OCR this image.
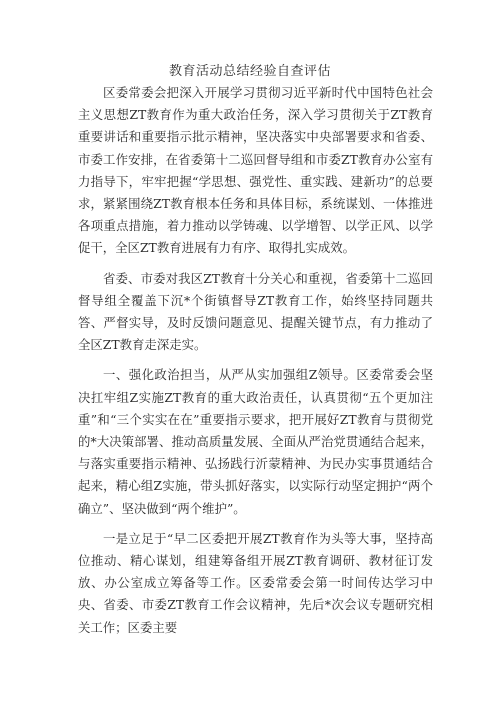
教育活动总结经验自查评估

区委常委会把深入开展学习贯彻习近平新时代中国特色社会主义思想ZT教育作为重大政治任务，深入学习贯彻关于ZT教育重要讲话和重要指示批示精神，坚决落实中央部署要求和省委、市委工作安排，在省委第十二巡回督导组和市委ZT教育办公室有力指导下，牢牢把握“学思想、强党性、重实践、建新功”的总要求，紧紧围绕ZT教育根本任务和具体目标，系统谋划、一体推进各项重点措施，着力推动以学铸魂、以学增智、以学正风、以学促干，全区ZT教育进展有力有序、取得扎实成效。

省委、市委对我区ZT教育十分关心和重视，省委第十二巡回督导组全覆盖下沉*个街镇督导ZT教育工作，始终坚持同题共答、严督实导，及时反馈问题意见、提醒关键节点，有力推动了全区ZT教育走深走实。

一、强化政治担当，从严从实加强组Z领导。区委常委会坚决扛牢组Z实施ZT教育的重大政治责任，认真贯彻“五个更加注重”和“三个实实在在”重要指示要求，把开展好ZT教育与贯彻党的*大决策部署、推动高质量发展、全面从严治党贯通结合起来，与落实重要指示精神、弘扬践行沂蒙精神、为民办实事贯通结合起来，精心组Z实施，带头抓好落实，以实际行动坚定拥护“两个确立”、坚决做到“两个维护”。

一是立足于“早二区委把开展ZT教育作为头等大事，坚持高位推动、精心谋划，组建筹备组开展ZT教育调研、教材征订发放、办公室成立筹备等工作。区委常委会第一时间传达学习中央、省委、市委ZT教育工作会议精神，先后*次会议专题研究相关工作；区委主要
